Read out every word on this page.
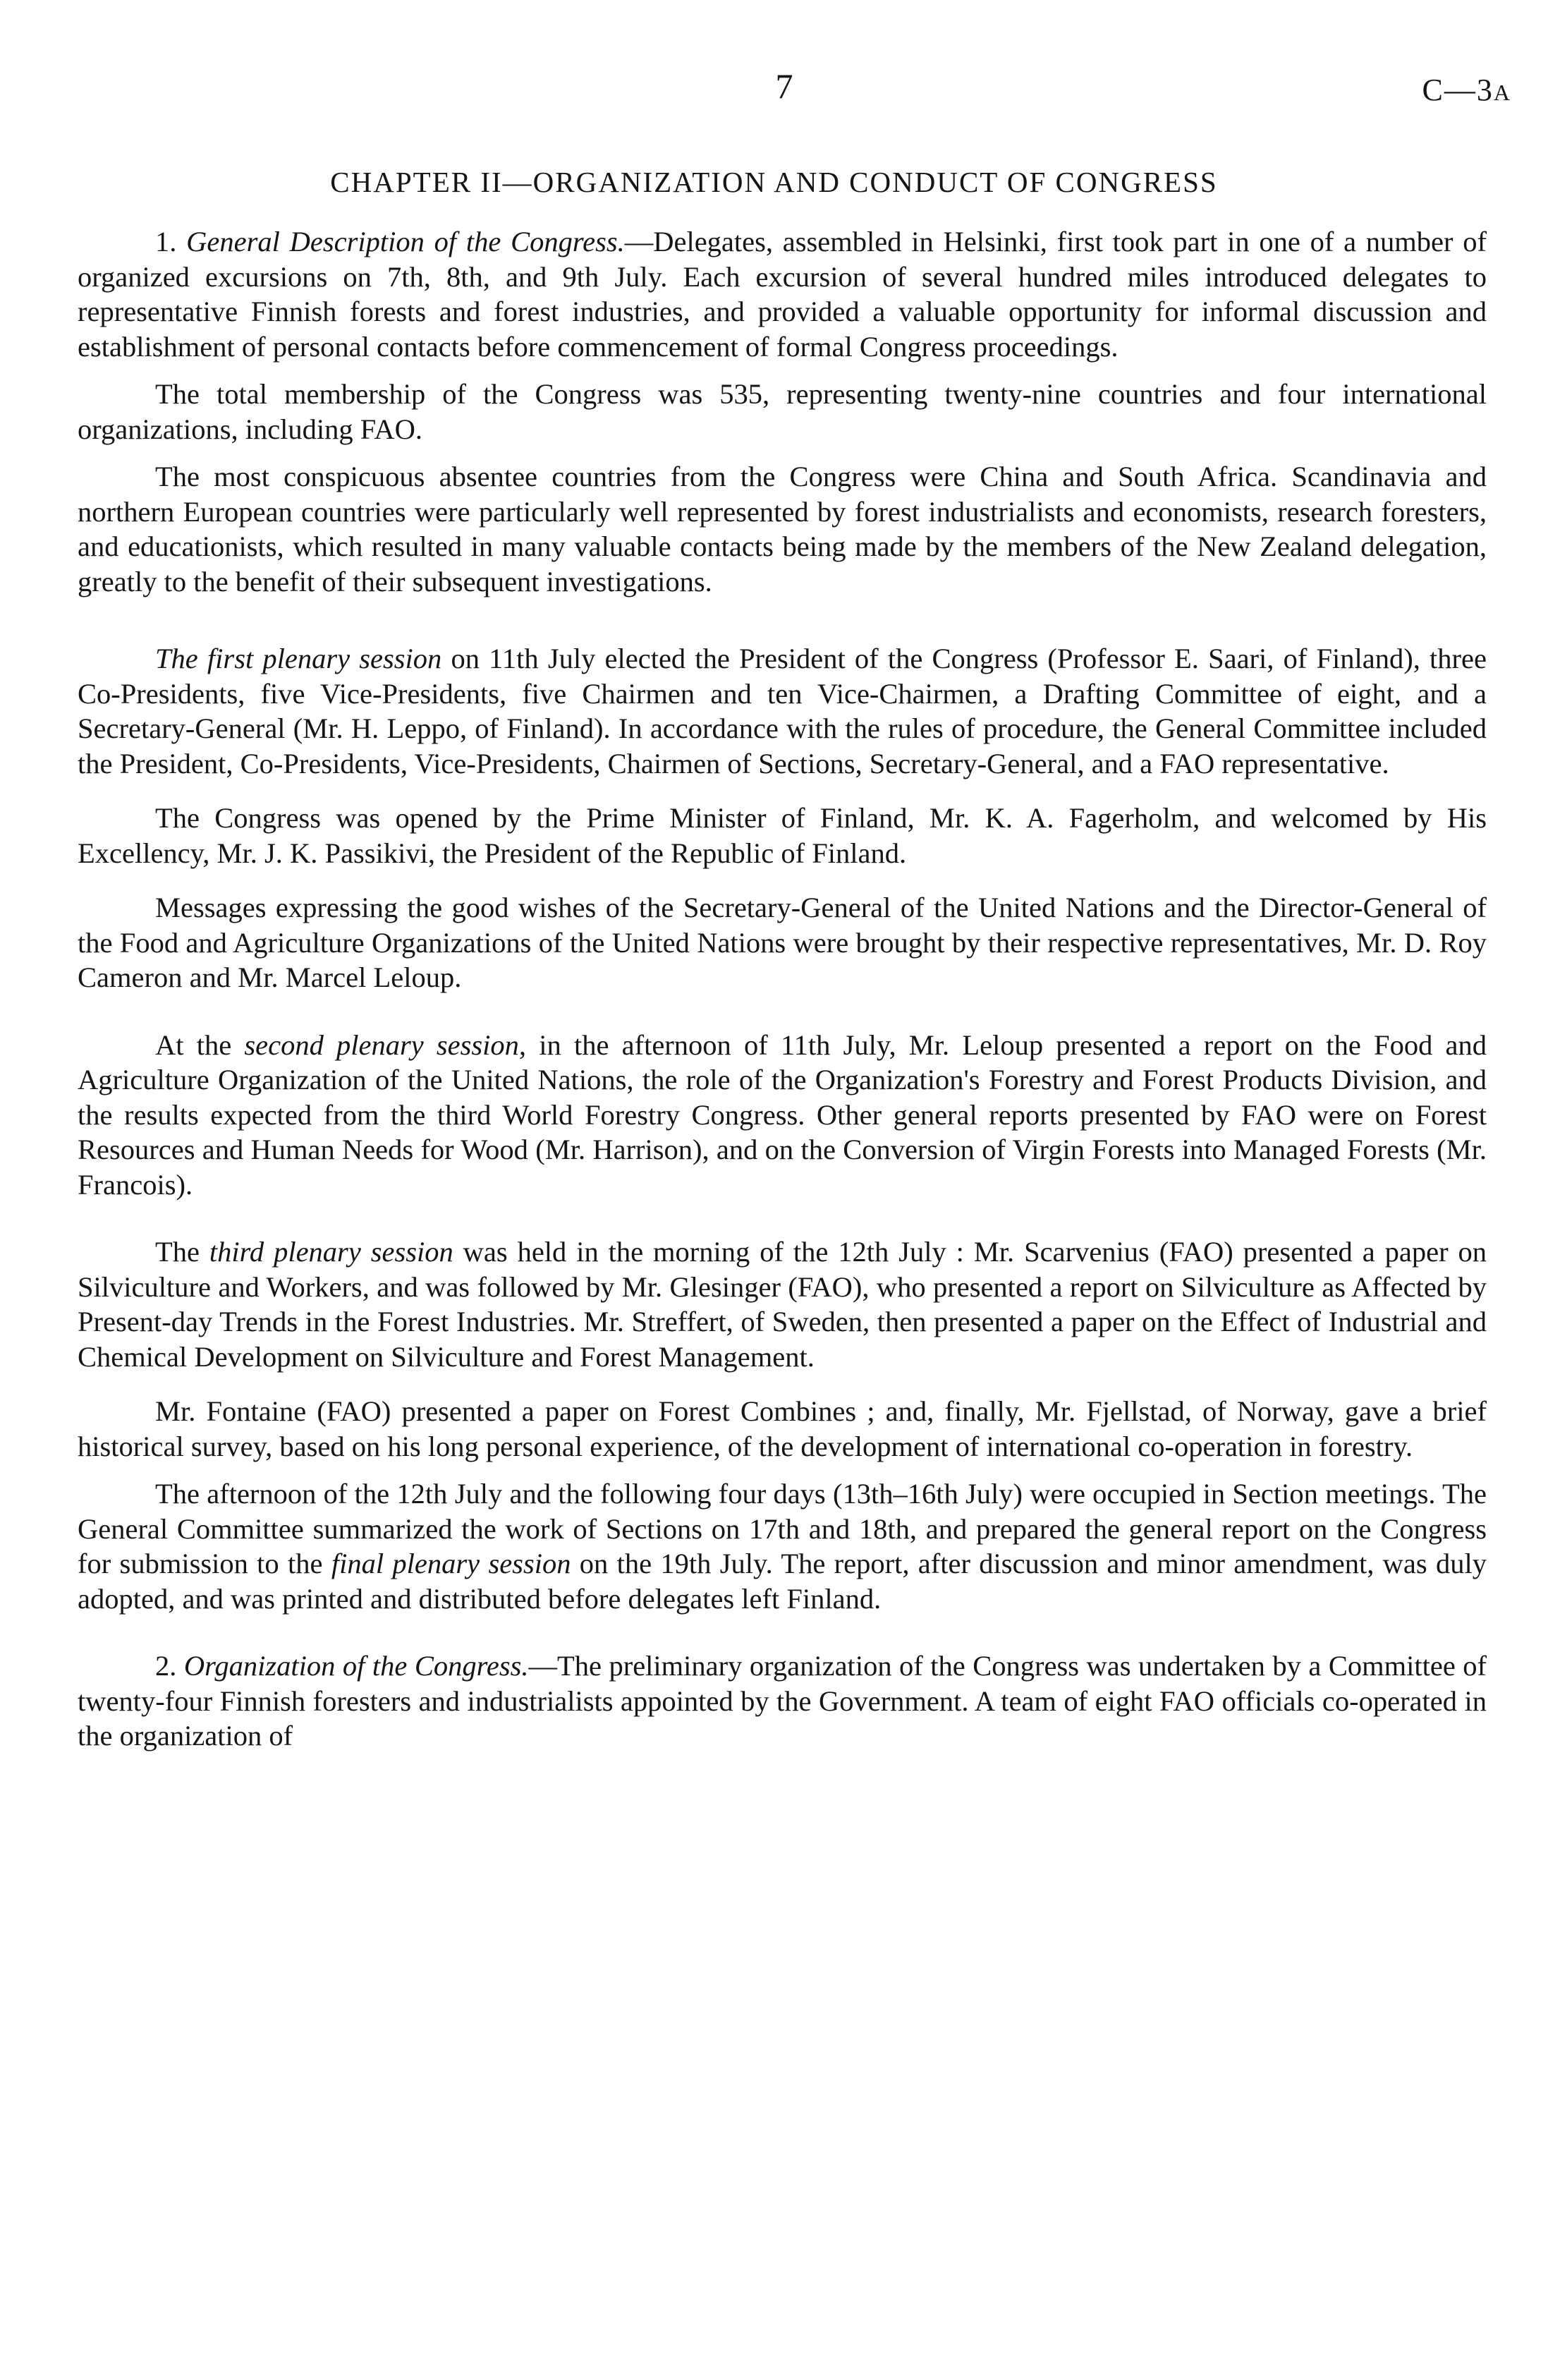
7	C—3A
CHAPTER II—ORGANIZATION AND CONDUCT OF CONGRESS

1. General Description of the Congress.—Delegates, assembled in Helsinki, first took part in one of a number of organized excursions on 7th, 8th, and 9th July. Each excursion of several hundred miles introduced delegates to representative Finnish forests and forest industries, and provided a valuable opportunity for informal discussion and establishment of personal contacts before commencement of formal Congress proceedings.

The total membership of the Congress was 535, representing twenty-nine countries and four international organizations, including FAO.

The most conspicuous absentee countries from the Congress were China and South Africa. Scandinavia and northern European countries were particularly well represented by forest industrialists and economists, research foresters, and educationists, which resulted in many valuable contacts being made by the members of the New Zealand delegation, greatly to the benefit of their subsequent investigations.

The first plenary session on 11th July elected the President of the Congress (Professor E. Saari, of Finland), three Co-Presidents, five Vice-Presidents, five Chairmen and ten Vice-Chairmen, a Drafting Committee of eight, and a Secretary-General (Mr. H. Leppo, of Finland). In accordance with the rules of procedure, the General Committee included the President, Co-Presidents, Vice-Presidents, Chairmen of Sections, Secretary-General, and a FAO representative.

The Congress was opened by the Prime Minister of Finland, Mr. K. A. Fagerholm, and welcomed by His Excellency, Mr. J. K. Passikivi, the President of the Republic of Finland.

Messages expressing the good wishes of the Secretary-General of the United Nations and the Director-General of the Food and Agriculture Organizations of the United Nations were brought by their respective representatives, Mr. D. Roy Cameron and Mr. Marcel Leloup.

At the second plenary session, in the afternoon of 11th July, Mr. Leloup presented a report on the Food and Agriculture Organization of the United Nations, the role of the Organization's Forestry and Forest Products Division, and the results expected from the third World Forestry Congress. Other general reports presented by FAO were on Forest Resources and Human Needs for Wood (Mr. Harrison), and on the Conversion of Virgin Forests into Managed Forests (Mr. Francois).

The third plenary session was held in the morning of the 12th July : Mr. Scarvenius (FAO) presented a paper on Silviculture and Workers, and was followed by Mr. Glesinger (FAO), who presented a report on Silviculture as Affected by Present-day Trends in the Forest Industries. Mr. Streffert, of Sweden, then presented a paper on the Effect of Industrial and Chemical Development on Silviculture and Forest Management.

Mr. Fontaine (FAO) presented a paper on Forest Combines ; and, finally, Mr. Fjellstad, of Norway, gave a brief historical survey, based on his long personal experience, of the development of international co-operation in forestry.

The afternoon of the 12th July and the following four days (13th–16th July) were occupied in Section meetings. The General Committee summarized the work of Sections on 17th and 18th, and prepared the general report on the Congress for submission to the final plenary session on the 19th July. The report, after discussion and minor amendment, was duly adopted, and was printed and distributed before delegates left Finland.

2. Organization of the Congress.—The preliminary organization of the Congress was undertaken by a Committee of twenty-four Finnish foresters and industrialists appointed by the Government. A team of eight FAO officials co-operated in the organization of
